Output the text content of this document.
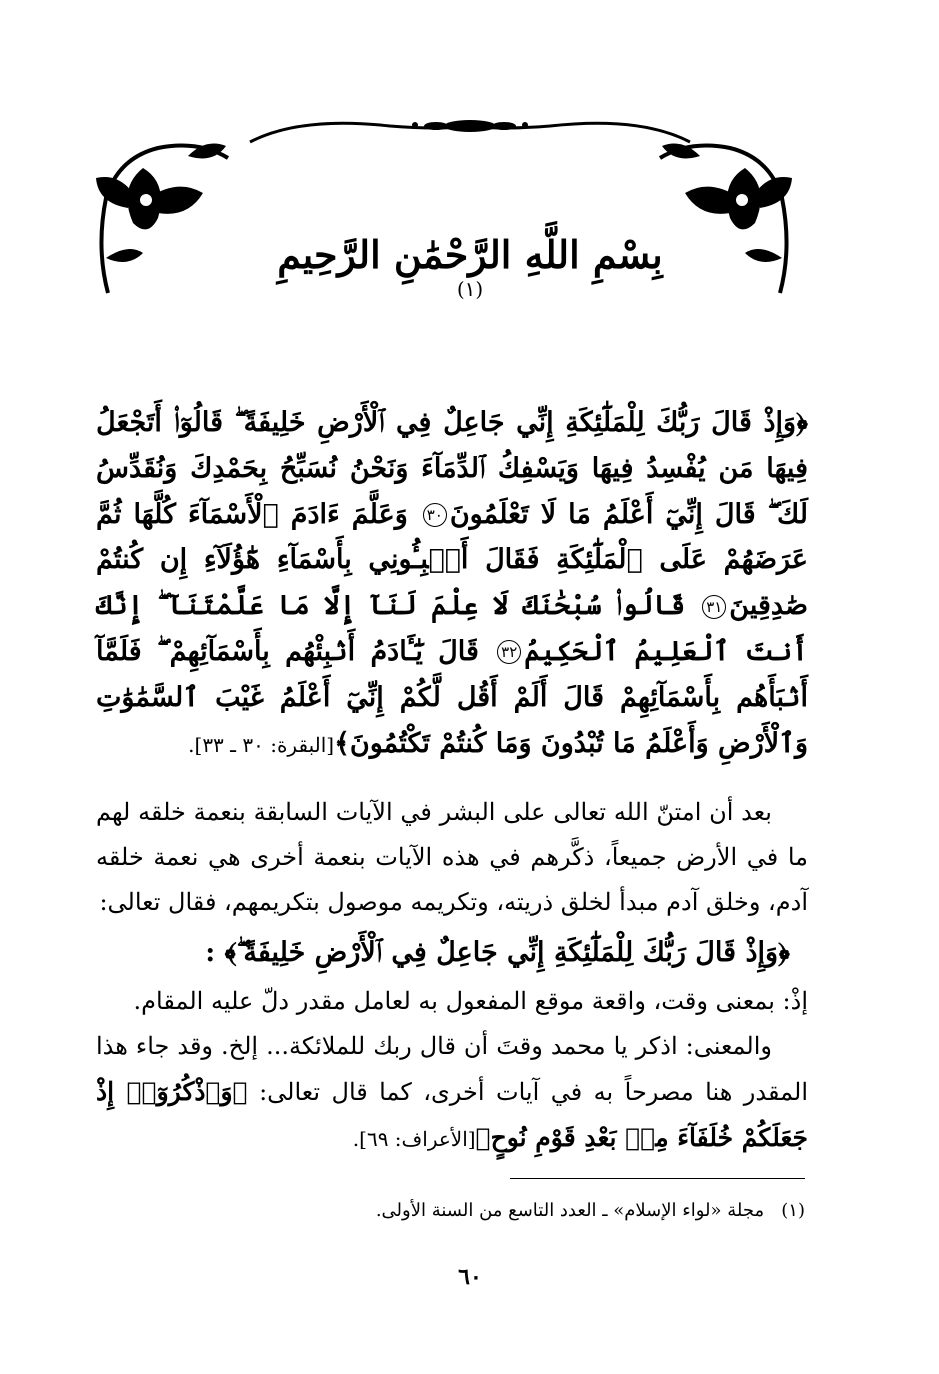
بِسْمِ اللَّهِ الرَّحْمَٰنِ الرَّحِيمِ $^{(١)}$

﴿وَإِذْ قَالَ رَبُّكَ لِلْمَلَٰٓئِكَةِ إِنِّي جَاعِلٌ فِي ٱلْأَرْضِ خَلِيفَةً ۖ قَالُوٓا۟ أَتَجْعَلُ فِيهَا مَن يُفْسِدُ فِيهَا وَيَسْفِكُ ٱلدِّمَآءَ وَنَحْنُ نُسَبِّحُ بِحَمْدِكَ وَنُقَدِّسُ لَكَ ۖ قَالَ إِنِّيٓ أَعْلَمُ مَا لَا تَعْلَمُونَ٣٠ وَعَلَّمَ ءَادَمَ ٱلْأَسْمَآءَ كُلَّهَا ثُمَّ عَرَضَهُمْ عَلَى ٱلْمَلَٰٓئِكَةِ فَقَالَ أَنۢبِـُٔونِي بِأَسْمَآءِ هَٰٓؤُلَآءِ إِن كُنتُمْ صَٰدِقِينَ٣١ قَالُوا۟ سُبْحَٰنَكَ لَا عِلْمَ لَنَآ إِلَّا مَا عَلَّمْتَنَآ ۖ إِنَّكَ أَنتَ ٱلْعَلِيمُ ٱلْحَكِيمُ٣٢ قَالَ يَٰٓـَٔادَمُ أَنۢبِئْهُم بِأَسْمَآئِهِمْ ۖ فَلَمَّآ أَنۢبَأَهُم بِأَسْمَآئِهِمْ قَالَ أَلَمْ أَقُل لَّكُمْ إِنِّيٓ أَعْلَمُ غَيْبَ ٱلسَّمَٰوَٰتِ وَٱلْأَرْضِ وَأَعْلَمُ مَا تُبْدُونَ وَمَا كُنتُمْ تَكْتُمُونَ﴾[البقرة: ٣٠ ـ ٣٣].

بعد أن امتنّ الله تعالى على البشر في الآيات السابقة بنعمة خلقه لهم ما في الأرض جميعاً، ذكَّرهم في هذه الآيات بنعمة أخرى هي نعمة خلقه آدم، وخلق آدم مبدأ لخلق ذريته، وتكريمه موصول بتكريمهم، فقال تعالى:

﴿وَإِذْ قَالَ رَبُّكَ لِلْمَلَٰٓئِكَةِ إِنِّي جَاعِلٌ فِي ٱلْأَرْضِ خَلِيفَةً ۖ﴾ :

إذْ: بمعنى وقت، واقعة موقع المفعول به لعامل مقدر دلّ عليه المقام.

والمعنى: اذكر يا محمد وقتَ أن قال ربك للملائكة... إلخ. وقد جاء هذا المقدر هنا مصرحاً به في آيات أخرى، كما قال تعالى: ﴿وَٱذْكُرُوٓا۟ إِذْ جَعَلَكُمْ خُلَفَآءَ مِنۢ بَعْدِ قَوْمِ نُوحٍ﴾[الأعراف: ٦٩].

(١)   مجلة «لواء الإسلام» ـ العدد التاسع من السنة الأولى.
٦٠
